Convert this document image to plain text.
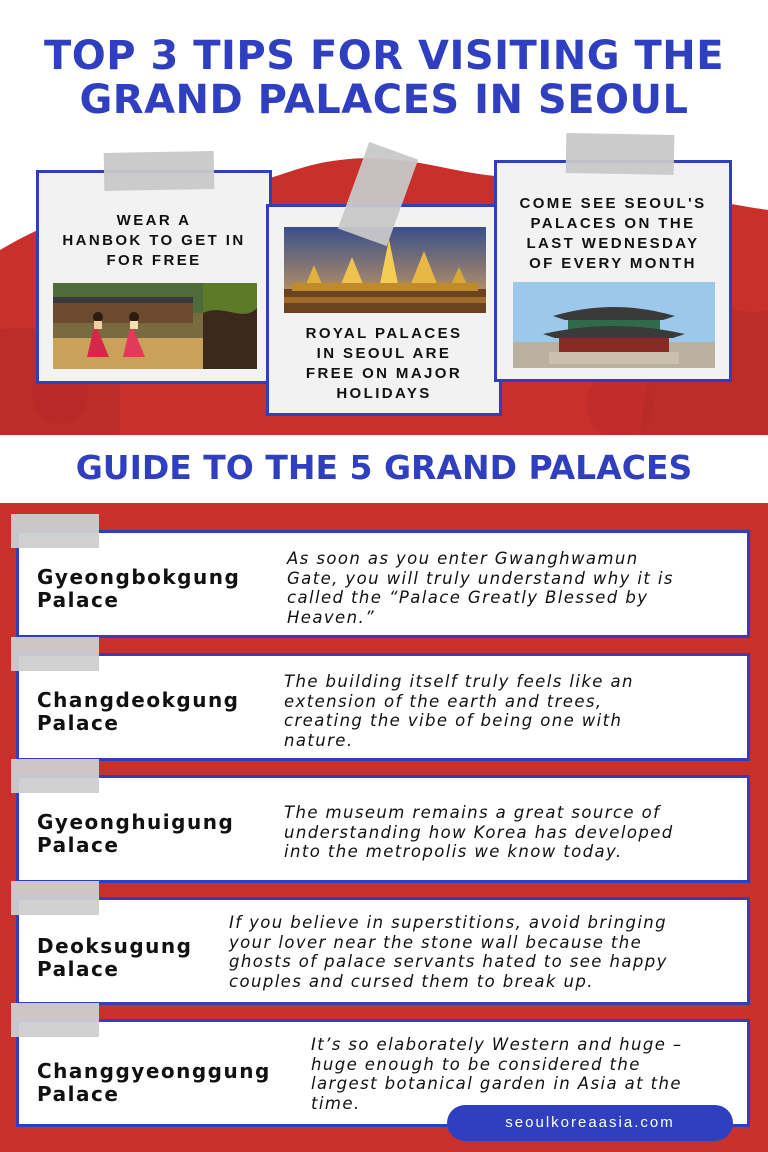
TOP 3 TIPS FOR VISITING THE
GRAND PALACES IN SEOUL

WEAR A
HANBOK TO GET IN
FOR FREE

ROYAL PALACES
IN SEOUL ARE
FREE ON MAJOR
HOLIDAYS

COME SEE SEOUL'S
PALACES ON THE
LAST WEDNESDAY
OF EVERY MONTH

GUIDE TO THE 5 GRAND PALACES

Gyeongbokgung
Palace

As soon as you enter Gwanghwamun
Gate, you will truly understand why it is
called the “Palace Greatly Blessed by
Heaven.”

Changdeokgung
Palace

The building itself truly feels like an
extension of the earth and trees,
creating the vibe of being one with
nature.

Gyeonghuigung
Palace

The museum remains a great source of
understanding how Korea has developed
into the metropolis we know today.

Deoksugung
Palace

If you believe in superstitions, avoid bringing
your lover near the stone wall because the
ghosts of palace servants hated to see happy
couples and cursed them to break up.

Changgyeonggung
Palace

It’s so elaborately Western and huge –
huge enough to be considered the
largest botanical garden in Asia at the
time.

seoulkoreaasia.com
